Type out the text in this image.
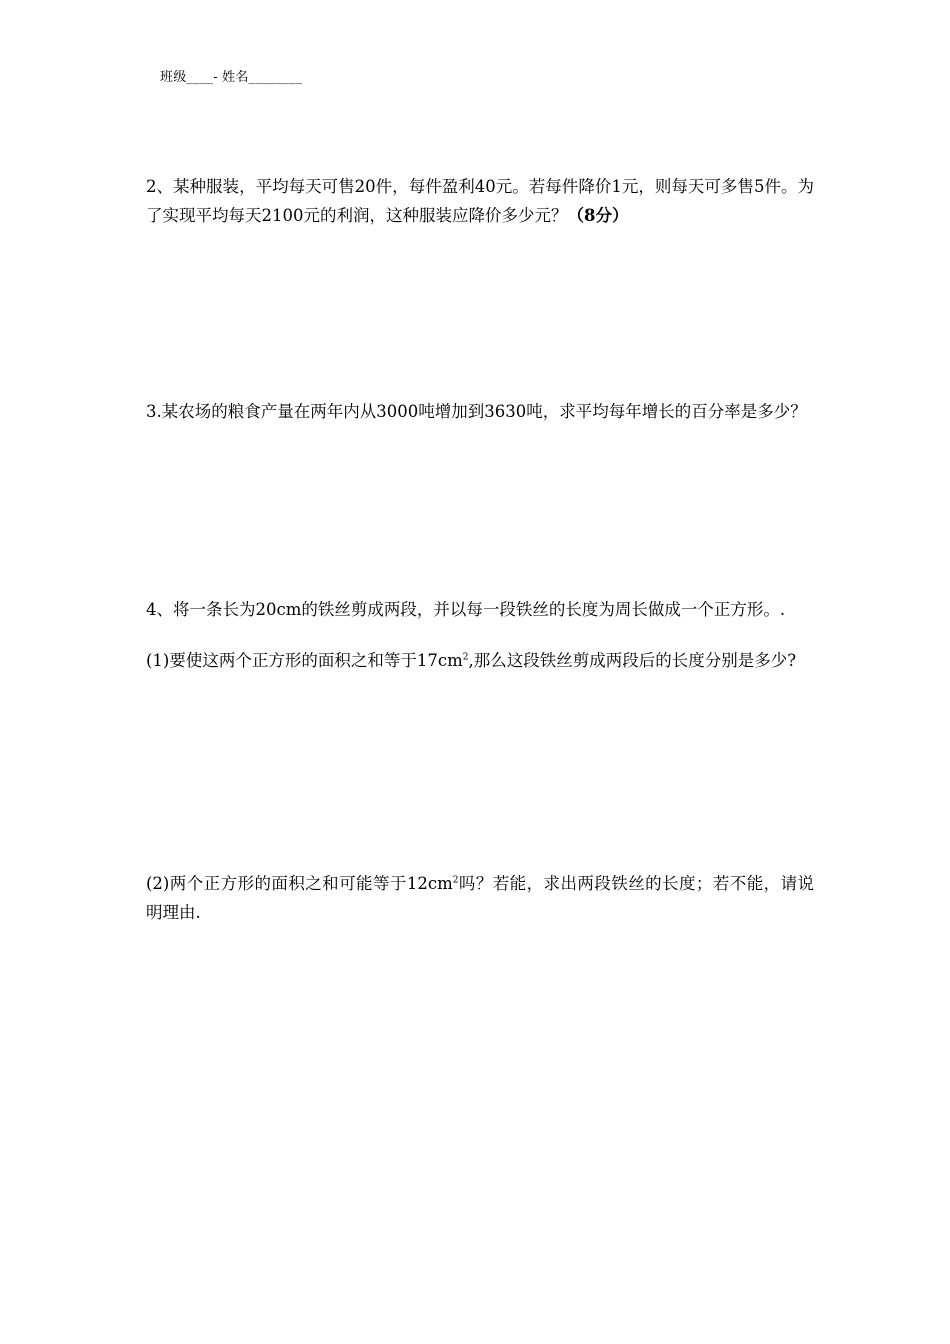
班级____- 姓名________
2、某种服装，平均每天可售20件，每件盈利40元。若每件降价1元，则每天可多售5件。为了实现平均每天2100元的利润，这种服装应降价多少元？（8分）
3.某农场的粮食产量在两年内从3000吨增加到3630吨，求平均每年增长的百分率是多少？
4、将一条长为20cm的铁丝剪成两段，并以每一段铁丝的长度为周长做成一个正方形。.
(1)要使这两个正方形的面积之和等于$17cm^2$,那么这段铁丝剪成两段后的长度分别是多少?
(2)两个正方形的面积之和可能等于$12cm^2$吗？若能，求出两段铁丝的长度；若不能，请说明理由.
